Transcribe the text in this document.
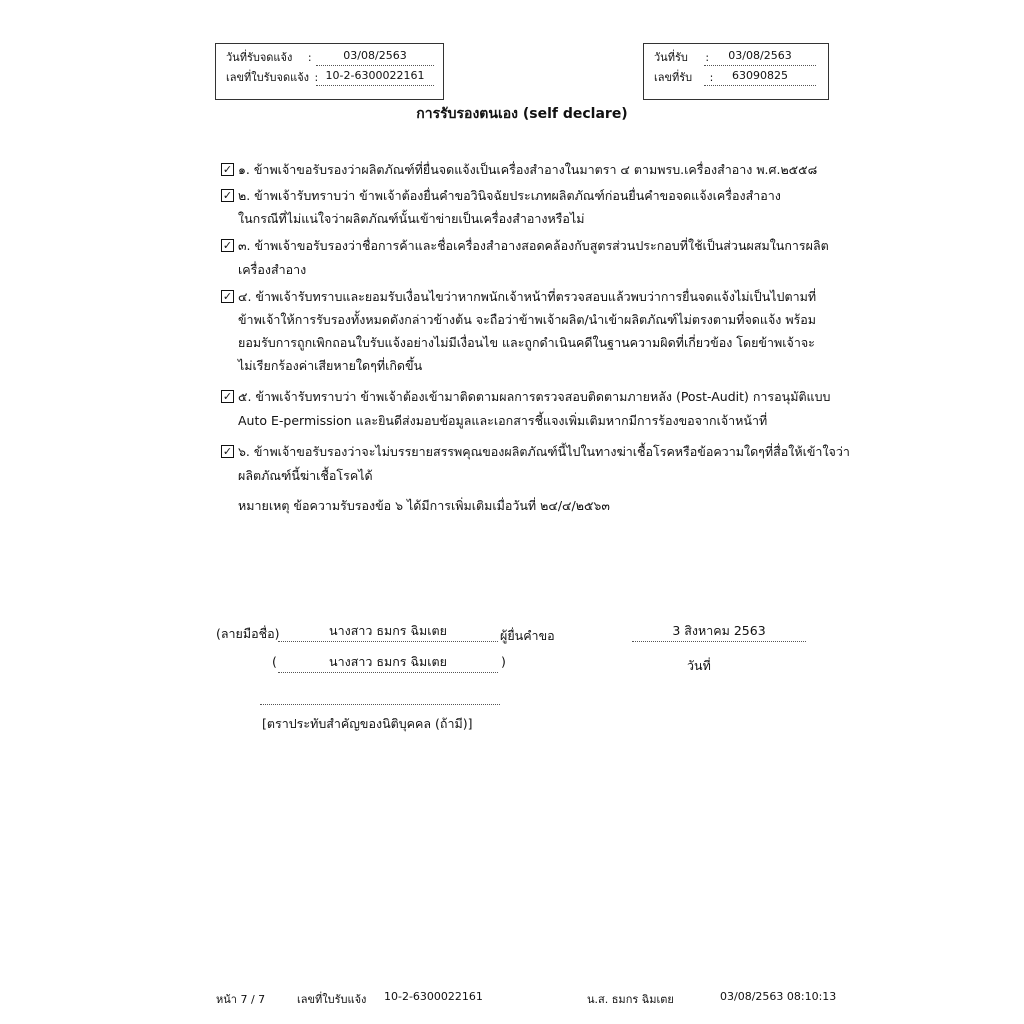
วันที่รับจดแจ้ง :	03/08/2563
เลขที่ใบรับจดแจ้ง : 10-2-6300022161
วันที่รับ :	03/08/2563
เลขที่รับ :	63090825
การรับรองตนเอง (self declare)
✓ ๑. ข้าพเจ้าขอรับรองว่าผลิตภัณฑ์ที่ยื่นจดแจ้งเป็นเครื่องสำอางในมาตรา ๔ ตามพรบ.เครื่องสำอาง พ.ศ.๒๕๕๘
✓ ๒. ข้าพเจ้ารับทราบว่า ข้าพเจ้าต้องยื่นคำขอวินิจฉัยประเภทผลิตภัณฑ์ก่อนยื่นคำขอจดแจ้งเครื่องสำอาง
ในกรณีที่ไม่แน่ใจว่าผลิตภัณฑ์นั้นเข้าข่ายเป็นเครื่องสำอางหรือไม่
✓ ๓. ข้าพเจ้าขอรับรองว่าชื่อการค้าและชื่อเครื่องสำอางสอดคล้องกับสูตรส่วนประกอบที่ใช้เป็นส่วนผสมในการผลิต
เครื่องสำอาง
✓ ๔. ข้าพเจ้ารับทราบและยอมรับเงื่อนไขว่าหากพนักเจ้าหน้าที่ตรวจสอบแล้วพบว่าการยื่นจดแจ้งไม่เป็นไปตามที่
ข้าพเจ้าให้การรับรองทั้งหมดดังกล่าวข้างต้น จะถือว่าข้าพเจ้าผลิต/นำเข้าผลิตภัณฑ์ไม่ตรงตามที่จดแจ้ง พร้อม
ยอมรับการถูกเพิกถอนใบรับแจ้งอย่างไม่มีเงื่อนไข และถูกดำเนินคดีในฐานความผิดที่เกี่ยวข้อง โดยข้าพเจ้าจะ
ไม่เรียกร้องค่าเสียหายใดๆที่เกิดขึ้น
✓ ๕. ข้าพเจ้ารับทราบว่า ข้าพเจ้าต้องเข้ามาติดตามผลการตรวจสอบติดตามภายหลัง (Post-Audit) การอนุมัติแบบ
Auto E-permission และยินดีส่งมอบข้อมูลและเอกสารชี้แจงเพิ่มเติมหากมีการร้องขอจากเจ้าหน้าที่
✓ ๖. ข้าพเจ้าขอรับรองว่าจะไม่บรรยายสรรพคุณของผลิตภัณฑ์นี้ไปในทางฆ่าเชื้อโรคหรือข้อความใดๆที่สื่อให้เข้าใจว่า
ผลิตภัณฑ์นี้ฆ่าเชื้อโรคได้
หมายเหตุ ข้อความรับรองข้อ ๖ ได้มีการเพิ่มเติมเมื่อวันที่ ๒๔/๔/๒๕๖๓
(ลายมือชื่อ)	นางสาว ธมกร ฉิมเตย	ผู้ยื่นคำขอ	3 สิงหาคม 2563
(	นางสาว ธมกร ฉิมเตย	)	วันที่
[ตราประทับสำคัญของนิติบุคคล (ถ้ามี)]
หน้า 7 / 7	เลขที่ใบรับแจ้ง 10-2-6300022161	น.ส. ธมกร ฉิมเตย	03/08/2563 08:10:13
